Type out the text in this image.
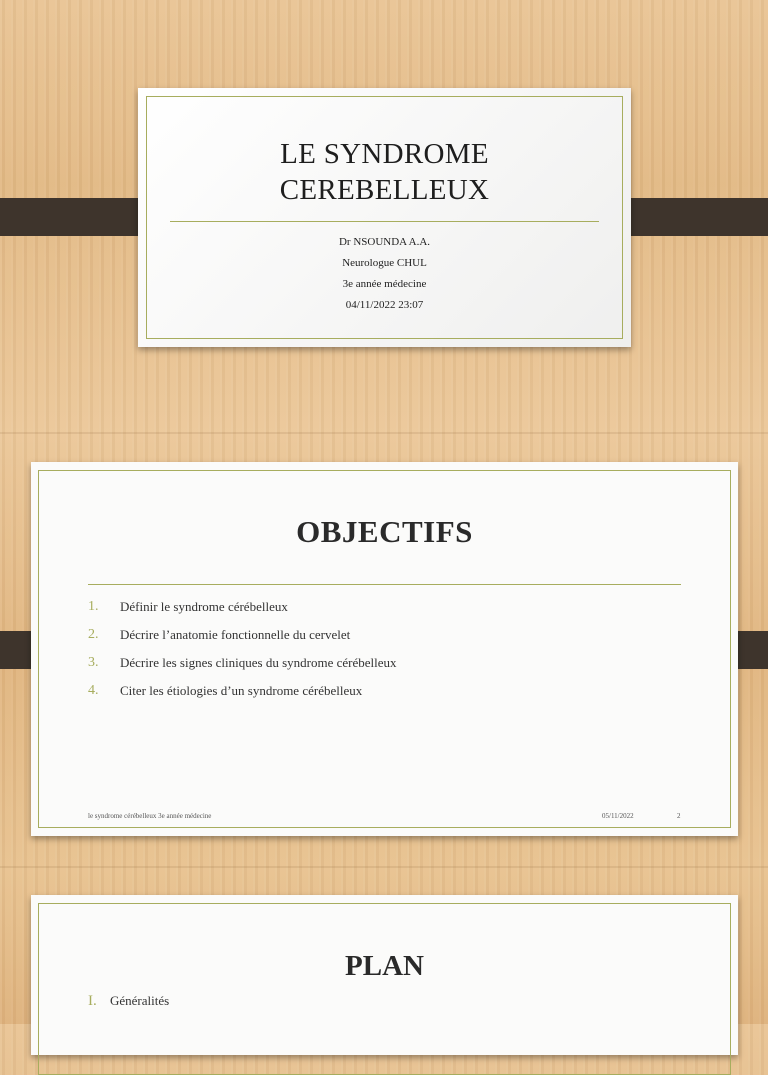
LE SYNDROME
CEREBELLEUX
Dr NSOUNDA A.A.
Neurologue CHUL
3e année médecine
04/11/2022 23:07
OBJECTIFS
1.	Définir le syndrome cérébelleux
2.	Décrire l’anatomie fonctionnelle du cervelet
3.	Décrire les signes cliniques du syndrome cérébelleux
4.	Citer les étiologies d’un syndrome cérébelleux
le syndrome cérébelleux 3e année médecine	05/11/2022	2
PLAN
I.	Généralités
